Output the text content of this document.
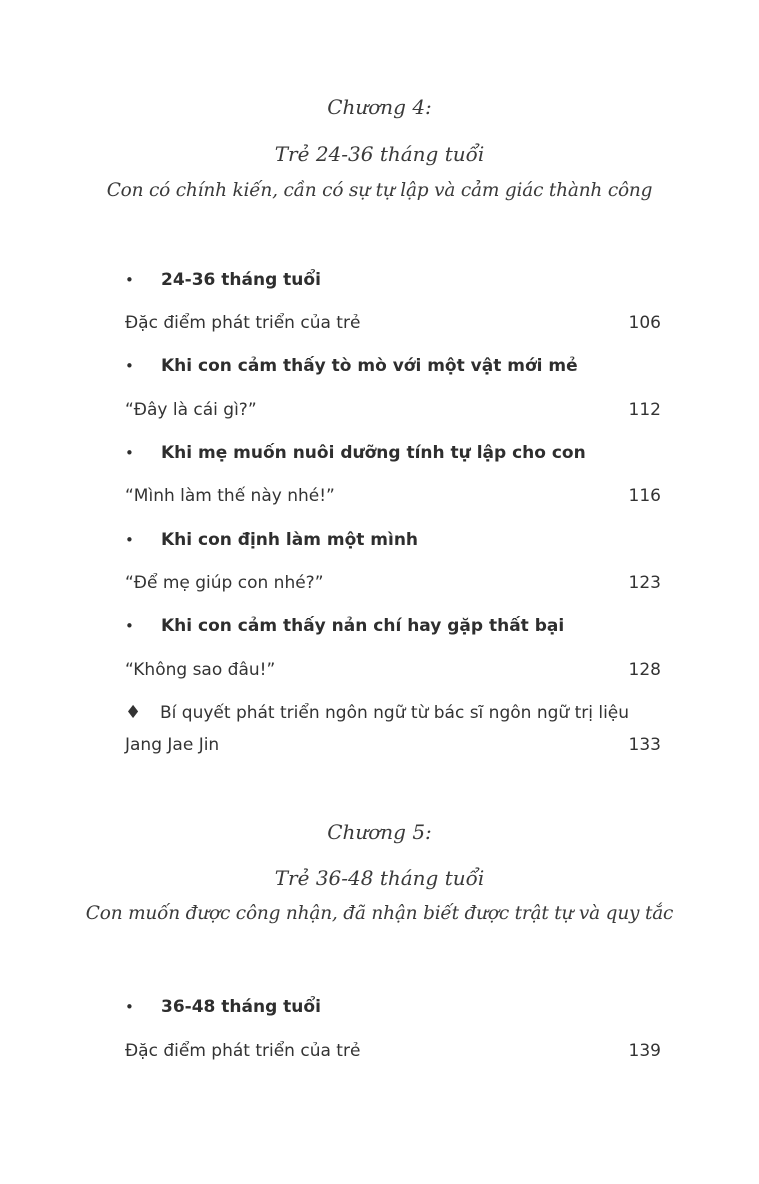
Chương 4:
Trẻ 24-36 tháng tuổi
Con có chính kiến, cần có sự tự lập và cảm giác thành công
• 24-36 tháng tuổi
Đặc điểm phát triển của trẻ	106
• Khi con cảm thấy tò mò với một vật mới mẻ
“Đây là cái gì?”	112
• Khi mẹ muốn nuôi dưỡng tính tự lập cho con
“Mình làm thế này nhé!”	116
• Khi con định làm một mình
“Để mẹ giúp con nhé?”	123
• Khi con cảm thấy nản chí hay gặp thất bại
“Không sao đâu!”	128
♦ Bí quyết phát triển ngôn ngữ từ bác sĩ ngôn ngữ trị liệu
Jang Jae Jin	133
Chương 5:
Trẻ 36-48 tháng tuổi
Con muốn được công nhận, đã nhận biết được trật tự và quy tắc
• 36-48 tháng tuổi
Đặc điểm phát triển của trẻ	139
